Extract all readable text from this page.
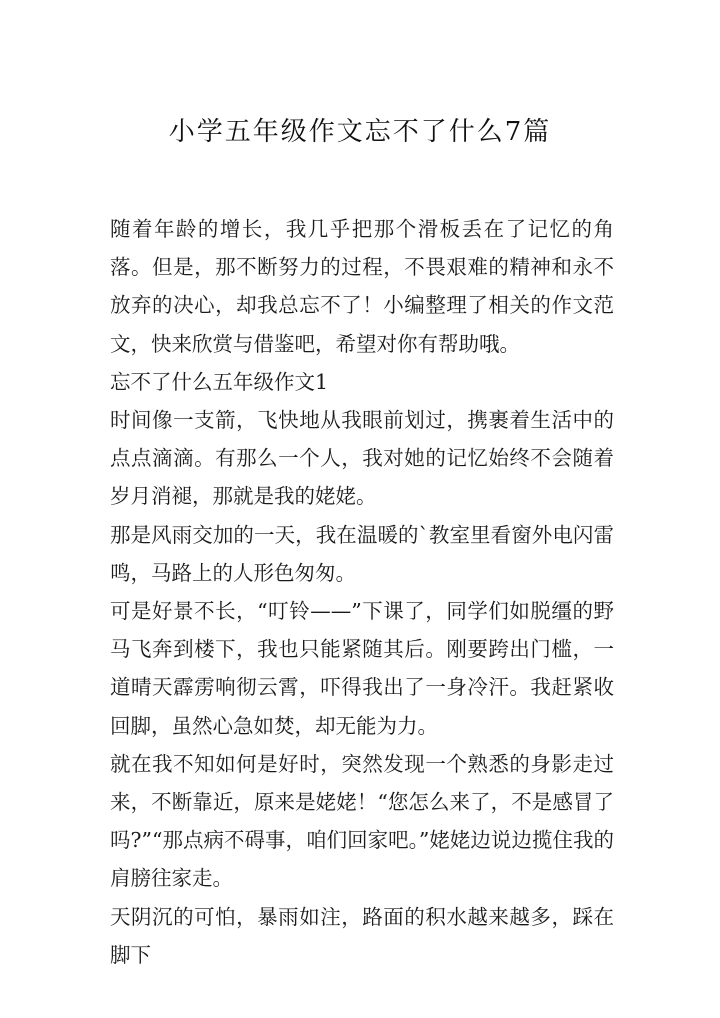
小学五年级作文忘不了什么7篇

随着年龄的增长，我几乎把那个滑板丢在了记忆的角落。但是，那不断努力的过程，不畏艰难的精神和永不放弃的决心，却我总忘不了！小编整理了相关的作文范文，快来欣赏与借鉴吧，希望对你有帮助哦。

忘不了什么五年级作文1

时间像一支箭，飞快地从我眼前划过，携裹着生活中的点点滴滴。有那么一个人，我对她的记忆始终不会随着岁月消褪，那就是我的姥姥。

那是风雨交加的一天，我在温暖的`教室里看窗外电闪雷鸣，马路上的人形色匆匆。

可是好景不长，“叮铃——”下课了，同学们如脱缰的野马飞奔到楼下，我也只能紧随其后。刚要跨出门槛，一道晴天霹雳响彻云霄，吓得我出了一身冷汗。我赶紧收回脚，虽然心急如焚，却无能为力。

就在我不知如何是好时，突然发现一个熟悉的身影走过来，不断靠近，原来是姥姥！“您怎么来了，不是感冒了吗?”“那点病不碍事，咱们回家吧。”姥姥边说边揽住我的肩膀往家走。

天阴沉的可怕，暴雨如注，路面的积水越来越多，踩在脚下
